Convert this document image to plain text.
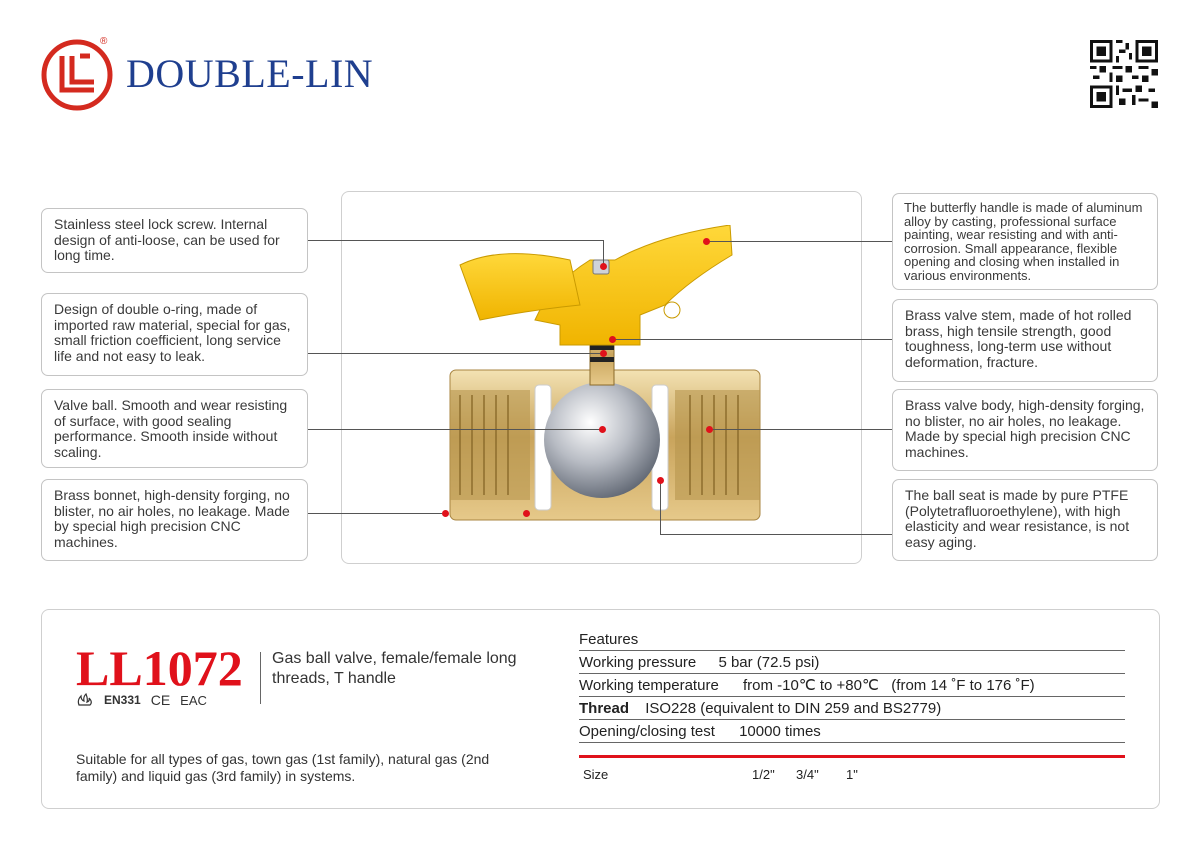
®
DOUBLE-LIN
Stainless steel lock screw. Internal design of anti-loose, can be used for long time.
Design of double o-ring, made of imported raw material, special for gas, small friction coefficient, long service life and not easy to leak.
Valve ball. Smooth and wear resisting of surface, with good sealing performance. Smooth inside without scaling.
Brass bonnet, high-density forging, no blister, no air holes, no leakage. Made by special high precision CNC machines.
The butterfly handle is made of aluminum alloy by casting, professional surface painting, wear resisting and with anti-corrosion. Small appearance, flexible opening and closing when installed in various environments.
Brass valve stem, made of hot rolled brass, high tensile strength, good toughness, long-term use without deformation, fracture.
Brass valve body, high-density forging, no blister, no air holes, no leakage. Made by special high precision CNC machines.
The ball seat is made by pure PTFE (Polytetrafluoroethylene), with high elasticity and wear resistance, is not easy aging.
LL1072
EN331 CE EAC
Gas ball valve, female/female long threads, T handle
Suitable for all types of gas, town gas (1st family), natural gas (2nd family) and liquid gas (3rd family) in systems.
Features
Working pressure 5 bar (72.5 psi)
Working temperature from -10℃ to +80℃   (from 14 ˚F to 176 ˚F)
Thread ISO228 (equivalent to DIN 259 and BS2779)
Opening/closing test 10000 times
Size	1/2" 3/4" 1"
